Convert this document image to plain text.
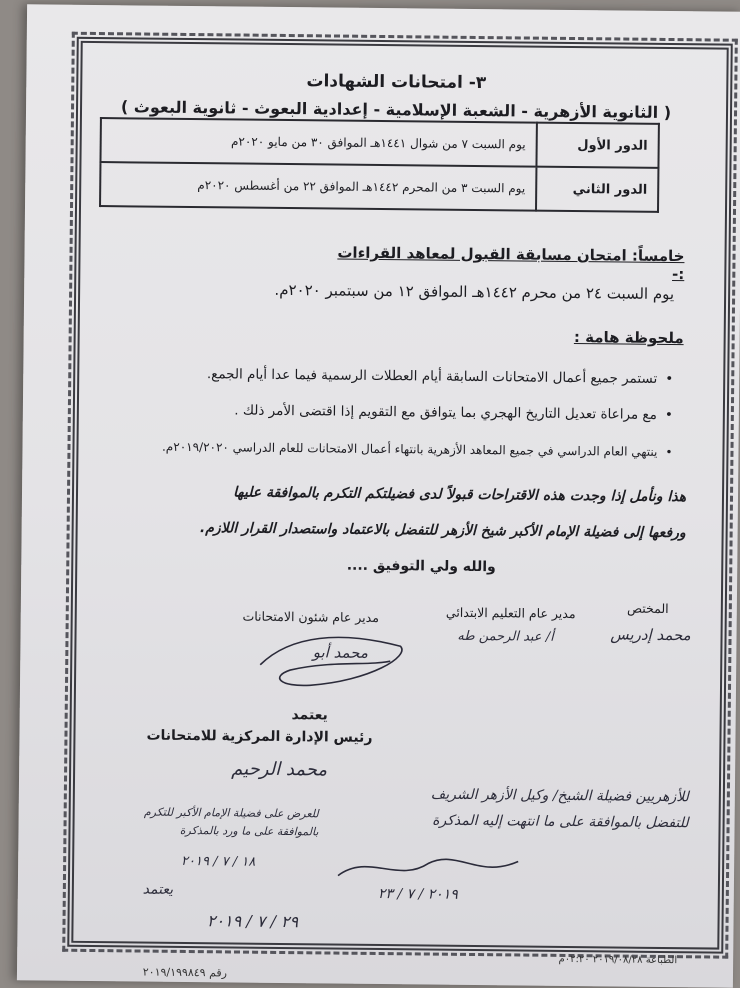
٣- امتحانات الشهادات
( الثانوية الأزهرية - الشعبة الإسلامية - إعدادية البعوث - ثانوية البعوث )
الدور الأول	يوم السبت ٧ من شوال ١٤٤١هـ الموافق ٣٠ من مايو ٢٠٢٠م
الدور الثاني	يوم السبت ٣ من المحرم ١٤٤٢هـ الموافق ٢٢ من أغسطس ٢٠٢٠م
خامساً: امتحان مسابقة القبول لمعاهد القراءات :-
يوم السبت ٢٤ من محرم ١٤٤٢هـ الموافق ١٢ من سبتمبر ٢٠٢٠م.
ملحوظة هامة :
• تستمر جميع أعمال الامتحانات السابقة أيام العطلات الرسمية فيما عدا أيام الجمع.
• مع مراعاة تعديل التاريخ الهجري بما يتوافق مع التقويم إذا اقتضى الأمر ذلك .
• ينتهي العام الدراسي في جميع المعاهد الأزهرية بانتهاء أعمال الامتحانات للعام الدراسي ٢٠١٩/٢٠٢٠م.
هذا ونأمل إذا وجدت هذه الاقتراحات قبولاً لدى فضيلتكم التكرم بالموافقة عليها
ورفعها إلى فضيلة الإمام الأكبر شيخ الأزهر للتفضل بالاعتماد واستصدار القرار اللازم.
والله ولي التوفيق ....
المختص
مدير عام التعليم الابتدائي
مدير عام شئون الامتحانات
محمد إدريس
أ/ عبد الرحمن طه
محمد أبو
يعتمد
رئيس الإدارة المركزية للامتحانات
محمد الرحيم
للأزهريين فضيلة الشيخ/ وكيل الأزهر الشريف
للتفضل بالموافقة على ما انتهت إليه المذكرة
للعرض على فضيلة الإمام الأكبر للتكرم
بالموافقة على ما ورد بالمذكرة
١٨ / ٧ / ٢٠١٩
٢٠١٩ / ٧ / ٢٣
يعتمد
٢٩ / ٧ / ٢٠١٩
الطباعة ٢٠١٩/٠٨/٢٨ ٠٢:٢٠م
رقم ٢٠١٩/١٩٩٨٤٩
